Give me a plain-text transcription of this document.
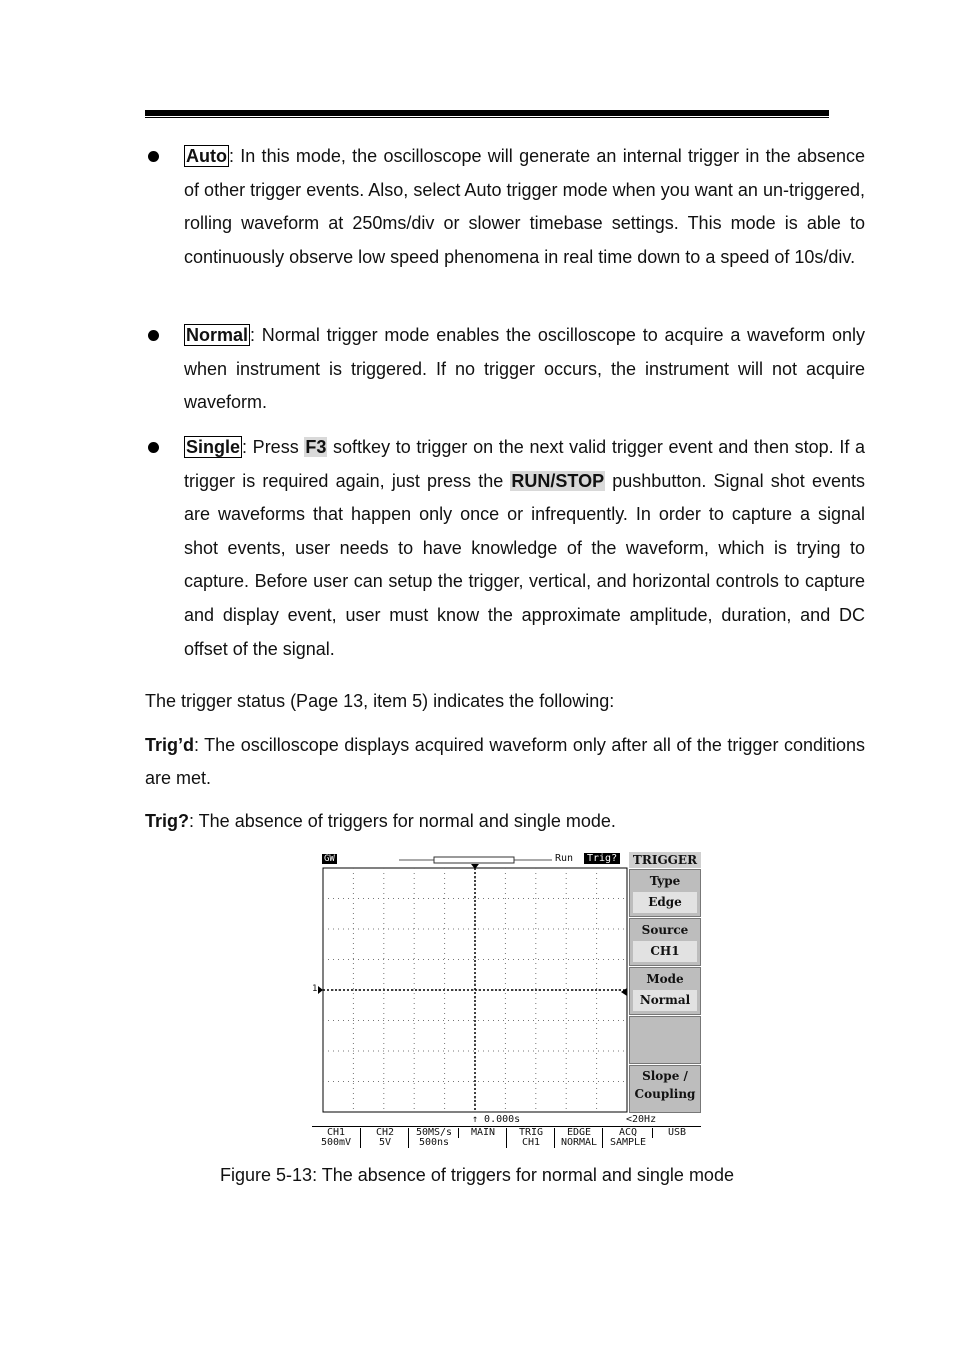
Auto : In this mode, the oscilloscope will generate an internal trigger in the absence of other trigger events. Also, select Auto trigger mode when you want an un-triggered, rolling waveform at 250ms/div or slower timebase settings. This mode is able to continuously observe low speed phenomena in real time down to a speed of 10s/div.
Normal : Normal trigger mode enables the oscilloscope to acquire a waveform only when instrument is triggered. If no trigger occurs, the instrument will not acquire waveform.
Single : Press F3 softkey to trigger on the next valid trigger event and then stop. If a trigger is required again, just press the RUN/STOP pushbutton. Signal shot events are waveforms that happen only once or infrequently. In order to capture a signal shot events, user needs to have knowledge of the waveform, which is trying to capture. Before user can setup the trigger, vertical, and horizontal controls to capture and display event, user must know the approximate amplitude, duration, and DC offset of the signal.
The trigger status (Page 13, item 5) indicates the following:
Trig’d: The oscilloscope displays acquired waveform only after all of the trigger conditions are met.
Trig?: The absence of triggers for normal and single mode.
GW	Run	Trig?
1
TRIGGER
Type
Edge
Source
CH1
Mode
Normal
Slope /
Coupling
↑ 0.000s	<20Hz
CH1
500mV
CH2
5V
50MS/s
500ns
MAIN	TRIG
CH1
EDGE
NORMAL
ACQ
SAMPLE
USB
Figure 5-13: The absence of triggers for normal and single mode
